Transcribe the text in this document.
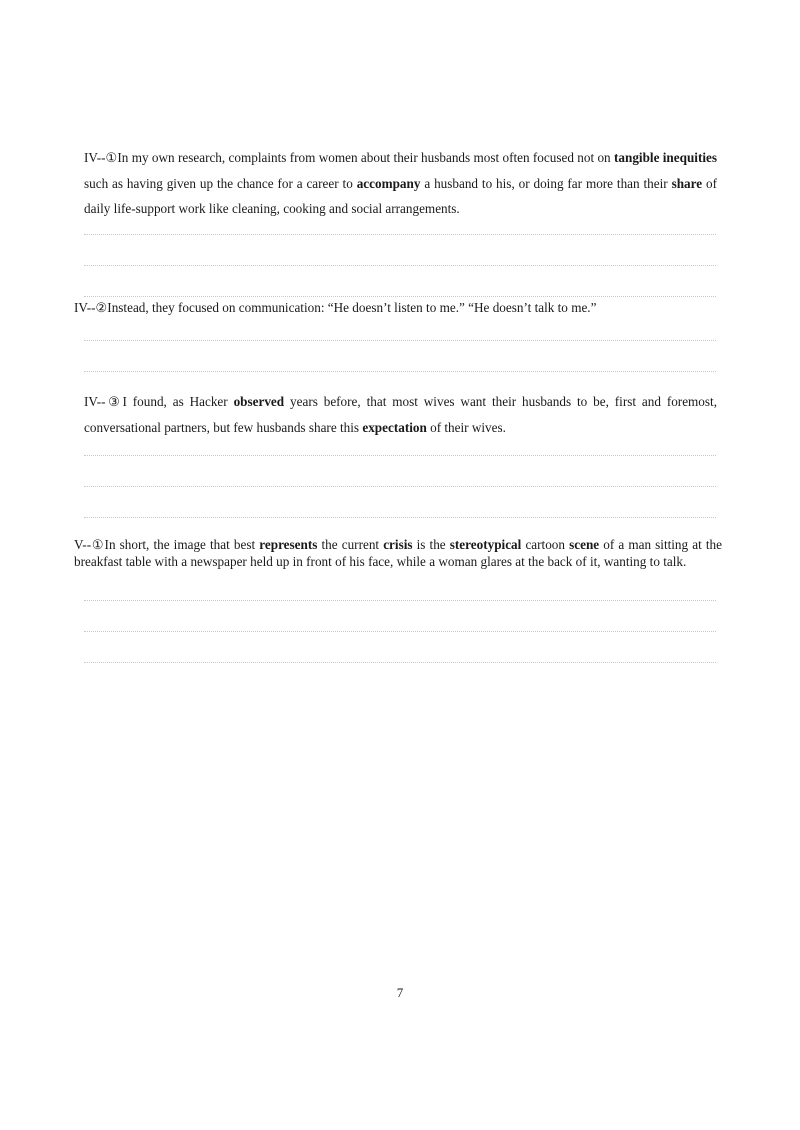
IV--①In my own research, complaints from women about their husbands most often focused not on tangible inequities such as having given up the chance for a career to accompany a husband to his, or doing far more than their share of daily life-support work like cleaning, cooking and social arrangements.

IV--②Instead, they focused on communication: “He doesn’t listen to me.” “He doesn’t talk to me.”

IV--③I found, as Hacker observed years before, that most wives want their husbands to be, first and foremost, conversational partners, but few husbands share this expectation of their wives.

V--①In short, the image that best represents the current crisis is the stereotypical cartoon scene of a man sitting at the breakfast table with a newspaper held up in front of his face, while a woman glares at the back of it, wanting to talk.

7
